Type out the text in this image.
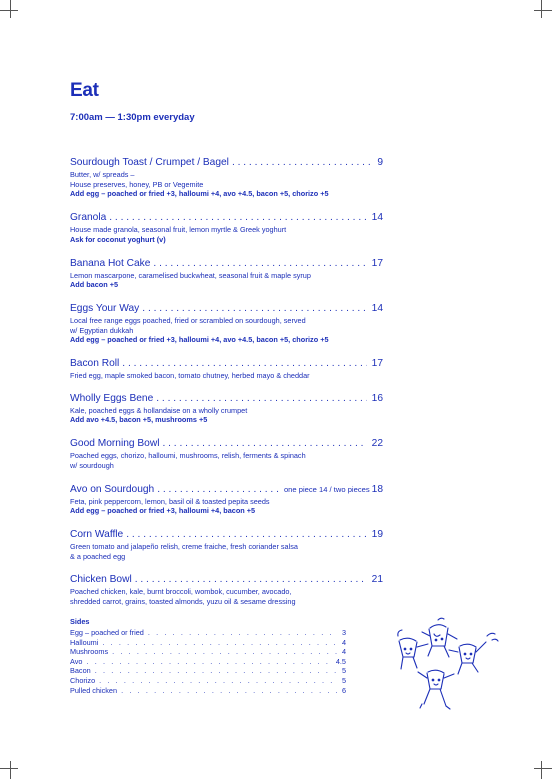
Eat
7:00am — 1:30pm everyday
Sourdough Toast / Crumpet / Bagel . . .	9
Butter, w/ spreads –
House preserves, honey, PB or Vegemite
Add egg – poached or fried +3, halloumi +4, avo +4.5, bacon +5, chorizo +5
Granola . . .	14
House made granola, seasonal fruit, lemon myrtle & Greek yoghurt
Ask for coconut yoghurt (v)
Banana Hot Cake . . .	17
Lemon mascarpone, caramelised buckwheat, seasonal fruit & maple syrup
Add bacon +5
Eggs Your Way . . .	14
Local free range eggs poached, fried or scrambled on sourdough, served
w/ Egyptian dukkah
Add egg – poached or fried +3, halloumi +4, avo +4.5, bacon +5, chorizo +5
Bacon Roll . . .	17
Fried egg, maple smoked bacon, tomato chutney, herbed mayo & cheddar
Wholly Eggs Bene . . .	16
Kale, poached eggs & hollandaise on a wholly crumpet
Add avo +4.5, bacon +5, mushrooms +5
Good Morning Bowl . . .	22
Poached eggs, chorizo, halloumi, mushrooms, relish, ferments & spinach
w/ sourdough
Avo on Sourdough . . .	one piece 14 / two pieces 18
Feta, pink peppercorn, lemon, basil oil & toasted pepita seeds
Add egg – poached or fried +3, halloumi +4, bacon +5
Corn Waffle . . .	19
Green tomato and jalapeño relish, creme fraiche, fresh coriander salsa
& a poached egg
Chicken Bowl . . .	21
Poached chicken, kale, burnt broccoli, wombok, cucumber, avocado,
shredded carrot, grains, toasted almonds, yuzu oil & sesame dressing
Sides
Egg – poached or fried . . .	3
Halloumi . . .	4
Mushrooms . . .	4
Avo . . .	4.5
Bacon . . .	5
Chorizo . . .	5
Pulled chicken . . .	6
